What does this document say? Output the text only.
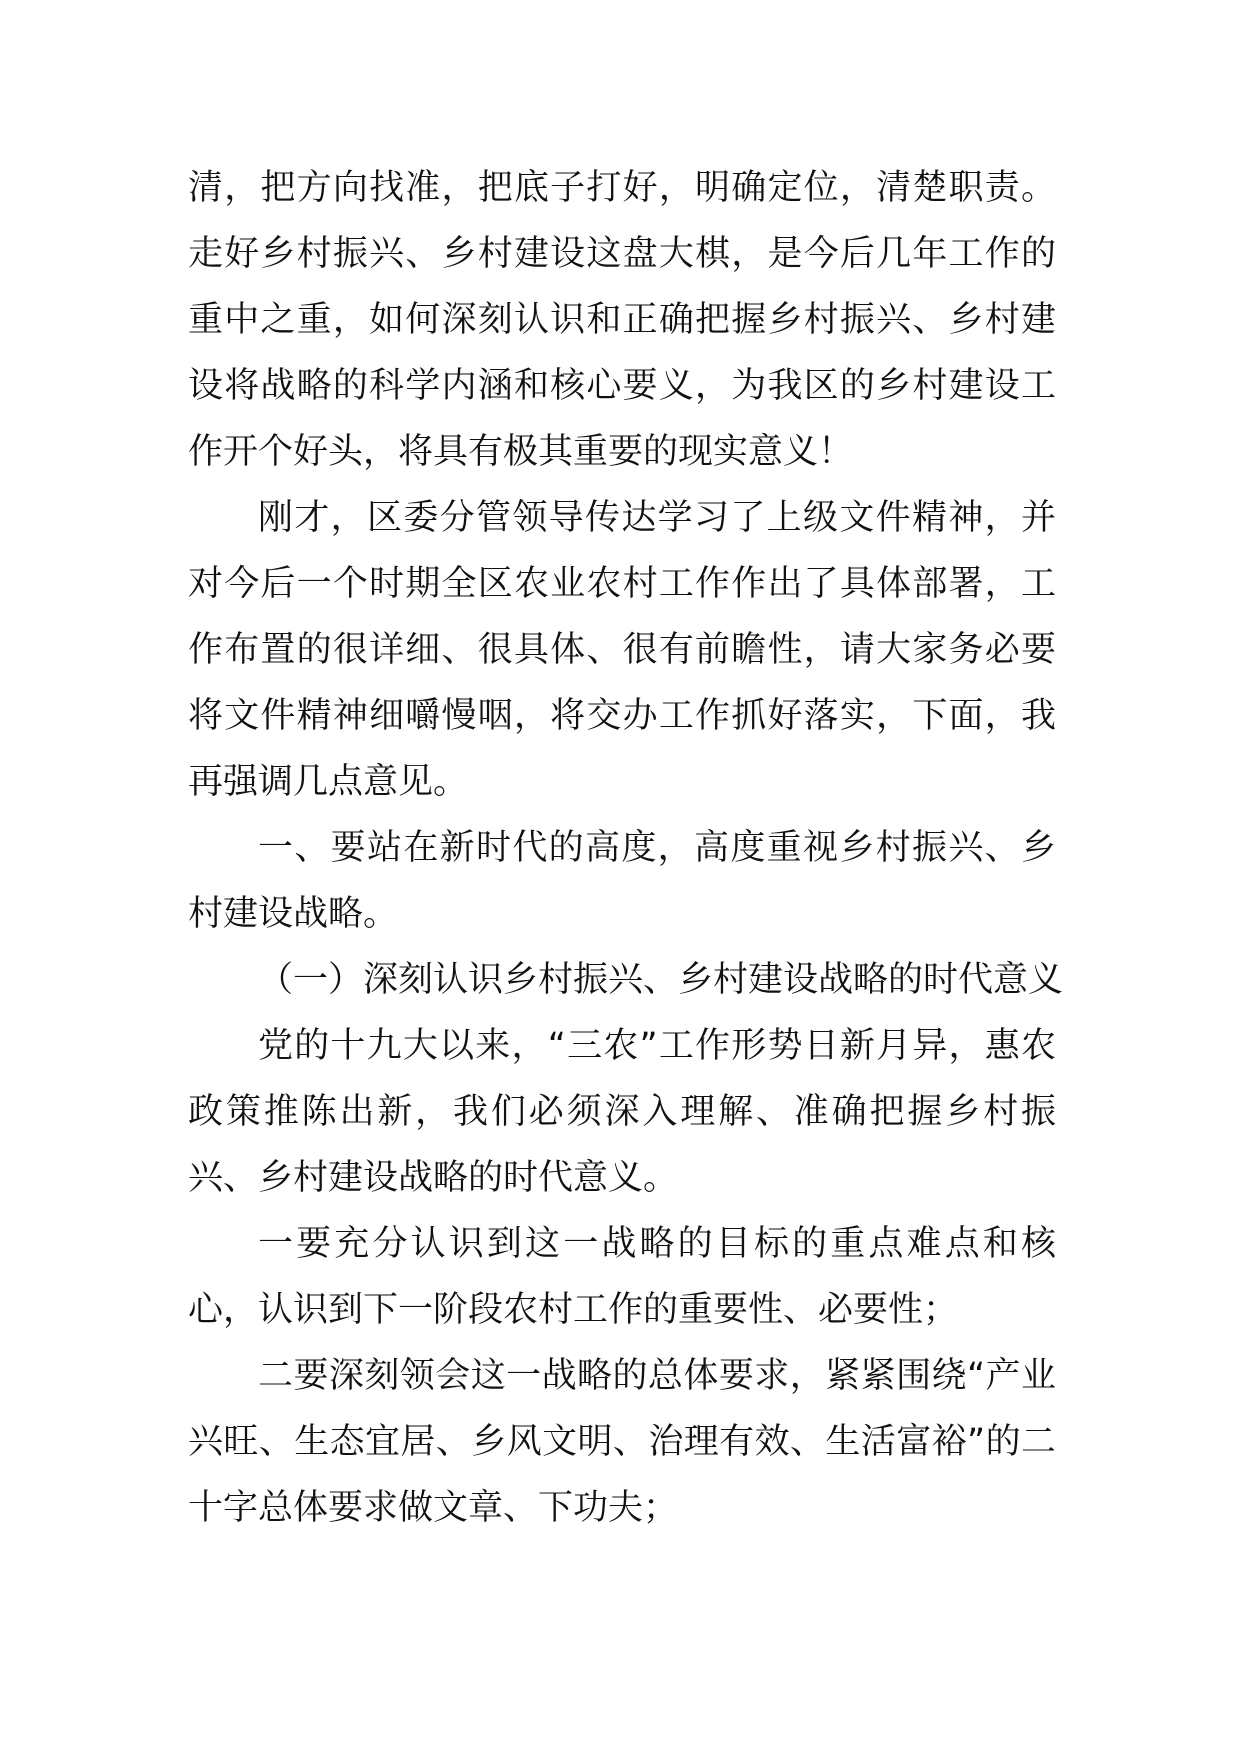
清，把方向找准，把底子打好，明确定位，清楚职责。走好乡村振兴、乡村建设这盘大棋，是今后几年工作的重中之重，如何深刻认识和正确把握乡村振兴、乡村建设将战略的科学内涵和核心要义，为我区的乡村建设工作开个好头，将具有极其重要的现实意义！

刚才，区委分管领导传达学习了上级文件精神，并对今后一个时期全区农业农村工作作出了具体部署，工作布置的很详细、很具体、很有前瞻性，请大家务必要将文件精神细嚼慢咽，将交办工作抓好落实，下面，我再强调几点意见。

一、要站在新时代的高度，高度重视乡村振兴、乡村建设战略。

（一）深刻认识乡村振兴、乡村建设战略的时代意义

党的十九大以来，“三农”工作形势日新月异，惠农政策推陈出新，我们必须深入理解、准确把握乡村振兴、乡村建设战略的时代意义。

一要充分认识到这一战略的目标的重点难点和核心，认识到下一阶段农村工作的重要性、必要性；

二要深刻领会这一战略的总体要求，紧紧围绕“产业兴旺、生态宜居、乡风文明、治理有效、生活富裕”的二十字总体要求做文章、下功夫；
